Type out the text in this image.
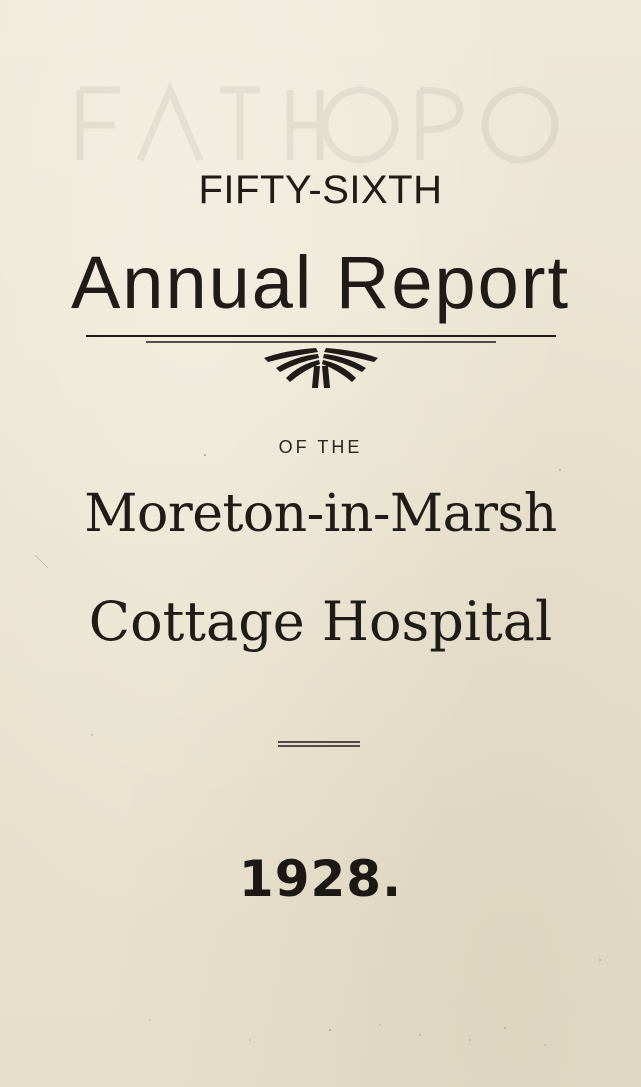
FIFTY-SIXTH
Annual Report
OF THE
Moreton-in-Marsh
Cottage Hospital
1928.
